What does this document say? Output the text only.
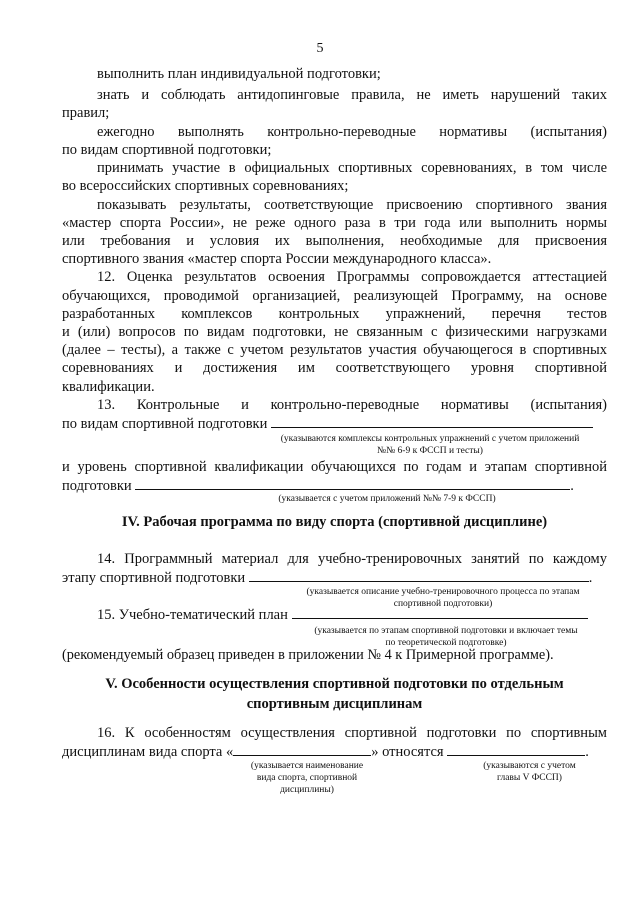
5
выполнить план индивидуальной подготовки;
знать и соблюдать антидопинговые правила, не иметь нарушений таких
правил;
ежегодно выполнять контрольно-переводные нормативы (испытания)
по видам спортивной подготовки;
принимать участие в официальных спортивных соревнованиях, в том числе
во всероссийских спортивных соревнованиях;
показывать результаты, соответствующие присвоению спортивного звания
«мастер спорта России», не реже одного раза в три года или выполнить нормы
или требования и условия их выполнения, необходимые для присвоения
спортивного звания «мастер спорта России международного класса».
12. Оценка результатов освоения Программы сопровождается аттестацией
обучающихся, проводимой организацией, реализующей Программу, на основе
разработанных комплексов контрольных упражнений, перечня тестов
и (или) вопросов по видам подготовки, не связанным с физическими нагрузками
(далее – тесты), а также с учетом результатов участия обучающегося в спортивных
соревнованиях и достижения им соответствующего уровня спортивной
квалификации.
13. Контрольные и контрольно-переводные нормативы (испытания)
по видам спортивной подготовки
(указываются комплексы контрольных упражнений с учетом приложений
№№ 6-9 к ФССП и тесты)
и уровень спортивной квалификации обучающихся по годам и этапам спортивной
подготовки	.
(указывается с учетом приложений №№ 7-9 к ФССП)
IV. Рабочая программа по виду спорта (спортивной дисциплине)
14. Программный материал для учебно-тренировочных занятий по каждому
этапу спортивной подготовки	.
(указывается описание учебно-тренировочного процесса по этапам
спортивной подготовки)
15. Учебно-тематический план
(указывается по этапам спортивной подготовки и включает темы
по теоретической подготовке)
(рекомендуемый образец приведен в приложении № 4 к Примерной программе).
V. Особенности осуществления спортивной подготовки по отдельным
спортивным дисциплинам
16. К особенностям осуществления спортивной подготовки по спортивным
дисциплинам вида спорта «	» относятся	.
(указывается наименование
вида спорта, спортивной
дисциплины)
(указываются с учетом
главы V ФССП)
